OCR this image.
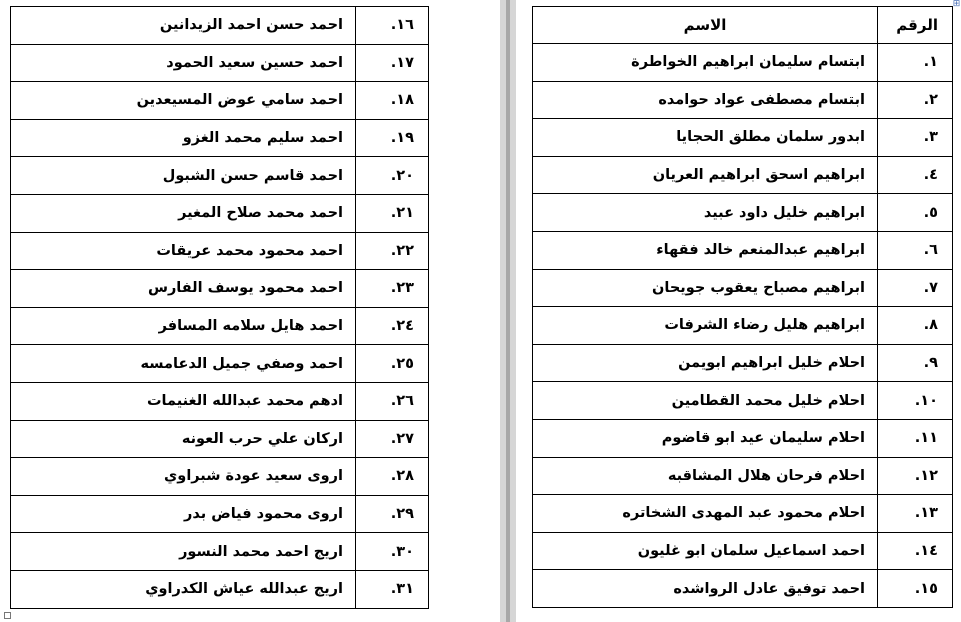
احمد حسن احمد الزيدانين	١٦.
احمد حسين سعيد الحمود	١٧.
احمد سامي عوض المسيعدين	١٨.
احمد سليم محمد الغزو	١٩.
احمد قاسم حسن الشبول	٢٠.
احمد محمد صلاح المغير	٢١.
احمد محمود محمد عريقات	٢٢.
احمد محمود يوسف الفارس	٢٣.
احمد هايل سلامه المسافر	٢٤.
احمد وصفي جميل الدعامسه	٢٥.
ادهم محمد عبدالله الغنيمات	٢٦.
اركان علي حرب العونه	٢٧.
اروى سعيد عودة شبراوي	٢٨.
اروى محمود فياض بدر	٢٩.
اريج احمد محمد النسور	٣٠.
اريج عبدالله عياش الكدراوي	٣١.
الاسم	الرقم
ابتسام سليمان ابراهيم الخواطرة	١.
ابتسام مصطفى عواد حوامده	٢.
ابدور سلمان مطلق الحجايا	٣.
ابراهيم اسحق ابراهيم العريان	٤.
ابراهيم خليل داود عبيد	٥.
ابراهيم عبدالمنعم خالد فقهاء	٦.
ابراهيم مصباح يعقوب جويحان	٧.
ابراهيم هليل رضاء الشرفات	٨.
احلام خليل ابراهيم ابويمن	٩.
احلام خليل محمد القطامين	١٠.
احلام سليمان عيد ابو قاضوم	١١.
احلام فرحان هلال المشاقبه	١٢.
احلام محمود عبد المهدى الشخاتره	١٣.
احمد اسماعيل سلمان ابو غليون	١٤.
احمد توفيق عادل الرواشده	١٥.
⊞
